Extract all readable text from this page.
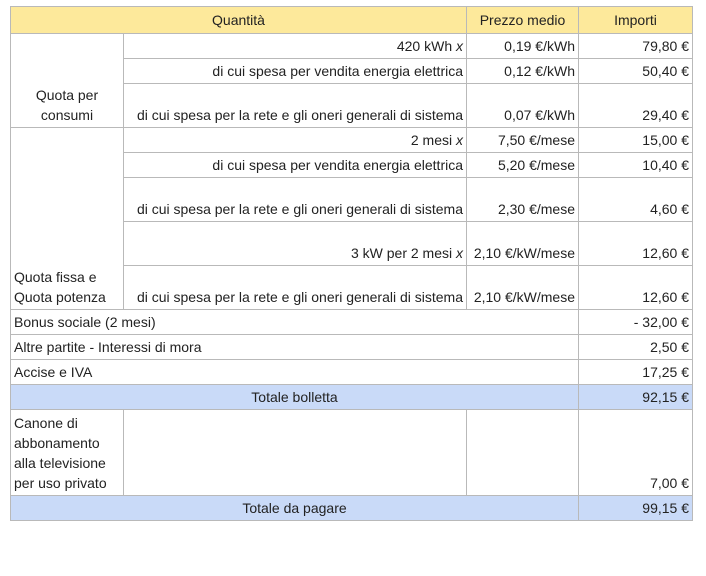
Quantità		Prezzo medio	Importi
Quota per consumi	420 kWh x	0,19 €/kWh	79,80 €
	di cui spesa per vendita energia elettrica	0,12 €/kWh	50,40 €
	di cui spesa per la rete e gli oneri generali di sistema	0,07 €/kWh	29,40 €
Quota fissa e Quota potenza	2 mesi x	7,50 €/mese	15,00 €
	di cui spesa per vendita energia elettrica	5,20 €/mese	10,40 €
	di cui spesa per la rete e gli oneri generali di sistema	2,30 €/mese	4,60 €
	3 kW per 2 mesi x	2,10 €/kW/mese	12,60 €
	di cui spesa per la rete e gli oneri generali di sistema	2,10 €/kW/mese	12,60 €
Bonus sociale (2 mesi)			- 32,00 €
Altre partite - Interessi di mora			2,50 €
Accise e IVA			17,25 €
Totale bolletta			92,15 €
Canone di abbonamento alla televisione per uso privato			7,00 €
Totale da pagare			99,15 €
